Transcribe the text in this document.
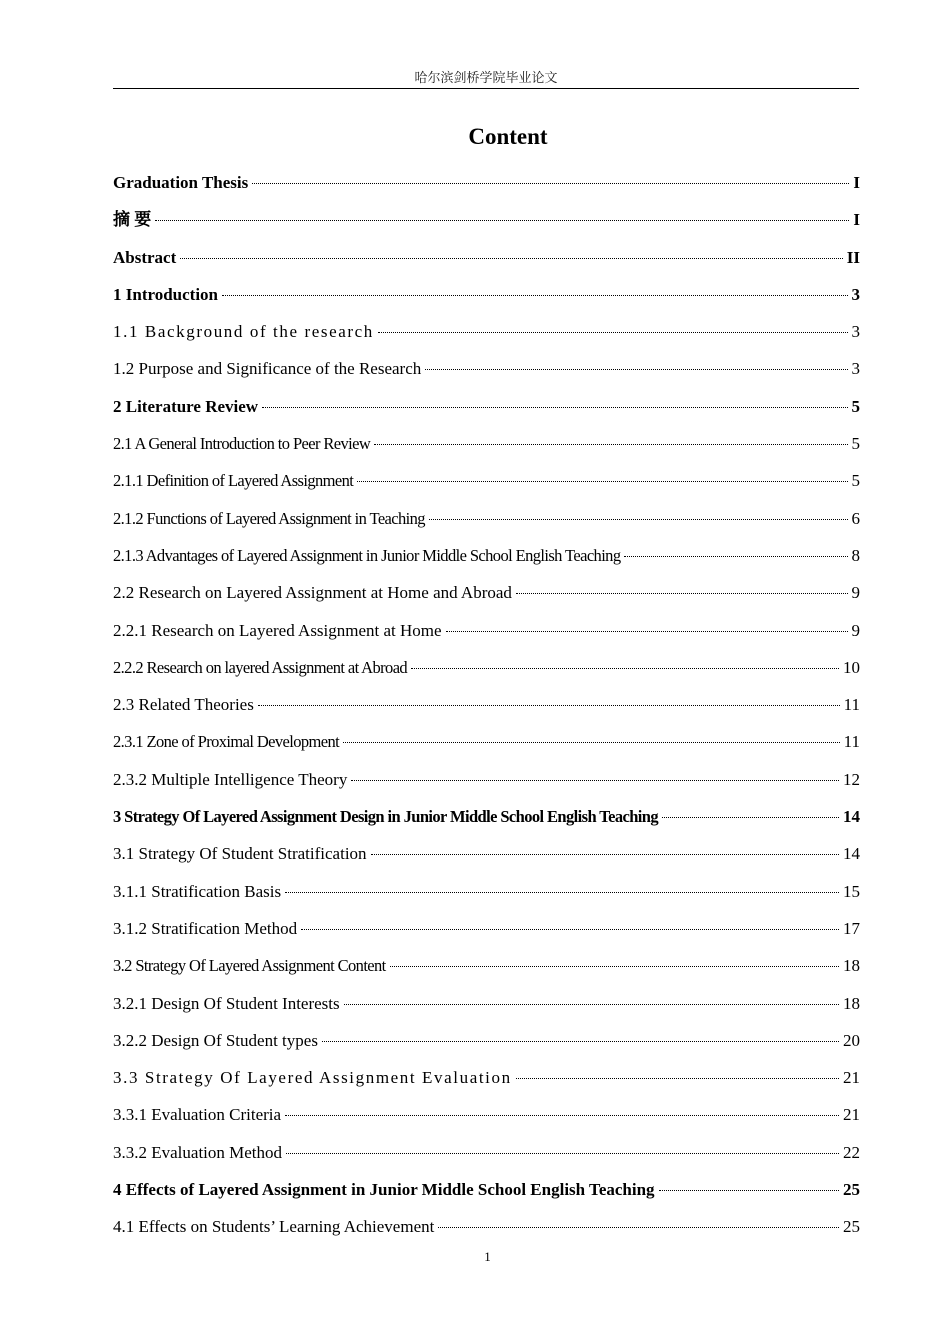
哈尔滨剑桥学院毕业论文
Content
Graduation Thesis	I
摘 要	I
Abstract	II
1 Introduction	3
1.1 Background of the research	3
1.2 Purpose and Significance of the Research	3
2 Literature Review	5
2.1 A General Introduction to Peer Review	5
2.1.1 Definition of Layered Assignment	5
2.1.2 Functions of Layered Assignment in Teaching	6
2.1.3 Advantages of Layered Assignment in Junior Middle School English Teaching	8
2.2 Research on Layered Assignment at Home and Abroad	9
2.2.1 Research on Layered Assignment at Home	9
2.2.2 Research on layered Assignment at Abroad	10
2.3 Related Theories	11
2.3.1 Zone of Proximal Development	11
2.3.2 Multiple Intelligence Theory	12
3 Strategy Of Layered Assignment Design in Junior Middle School English Teaching	14
3.1 Strategy Of Student Stratification	14
3.1.1 Stratification Basis	15
3.1.2 Stratification Method	17
3.2 Strategy Of Layered Assignment Content	18
3.2.1 Design Of Student Interests	18
3.2.2 Design Of Student types	20
3.3 Strategy Of Layered Assignment Evaluation	21
3.3.1 Evaluation Criteria	21
3.3.2 Evaluation Method	22
4 Effects of Layered Assignment in Junior Middle School English Teaching	25
4.1 Effects on Students’ Learning Achievement	25
1
